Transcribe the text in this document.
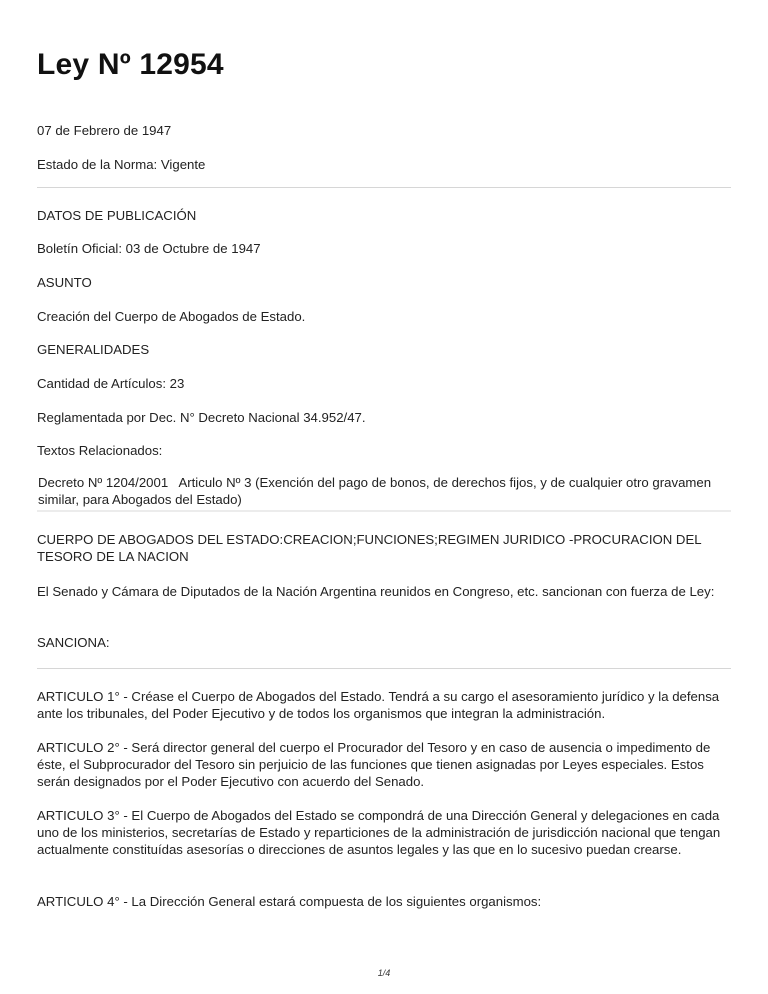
Ley Nº 12954

07 de Febrero de 1947

Estado de la Norma: Vigente

DATOS DE PUBLICACIÓN

Boletín Oficial: 03 de Octubre de 1947

ASUNTO

Creación del Cuerpo de Abogados de Estado.

GENERALIDADES

Cantidad de Artículos: 23

Reglamentada por Dec. N° Decreto Nacional 34.952/47.

Textos Relacionados:

Decreto Nº 1204/2001   Articulo Nº 3 (Exención del pago de bonos, de derechos fijos, y de cualquier otro gravamen similar, para Abogados del Estado)

CUERPO DE ABOGADOS DEL ESTADO:CREACION;FUNCIONES;REGIMEN JURIDICO -PROCURACION DEL TESORO DE LA NACION

El Senado y Cámara de Diputados de la Nación Argentina reunidos en Congreso, etc. sancionan con fuerza de Ley:

SANCIONA:

ARTICULO 1° - Créase el Cuerpo de Abogados del Estado. Tendrá a su cargo el asesoramiento jurídico y la defensa ante los tribunales, del Poder Ejecutivo y de todos los organismos que integran la administración.

ARTICULO 2° - Será director general del cuerpo el Procurador del Tesoro y en caso de ausencia o impedimento de éste, el Subprocurador del Tesoro sin perjuicio de las funciones que tienen asignadas por Leyes especiales. Estos serán designados por el Poder Ejecutivo con acuerdo del Senado.

ARTICULO 3° - El Cuerpo de Abogados del Estado se compondrá de una Dirección General y delegaciones en cada uno de los ministerios, secretarías de Estado y reparticiones de la administración de jurisdicción nacional que tengan actualmente constituídas asesorías o direcciones de asuntos legales y las que en lo sucesivo puedan crearse.

ARTICULO 4° - La Dirección General estará compuesta de los siguientes organismos:

1/4
